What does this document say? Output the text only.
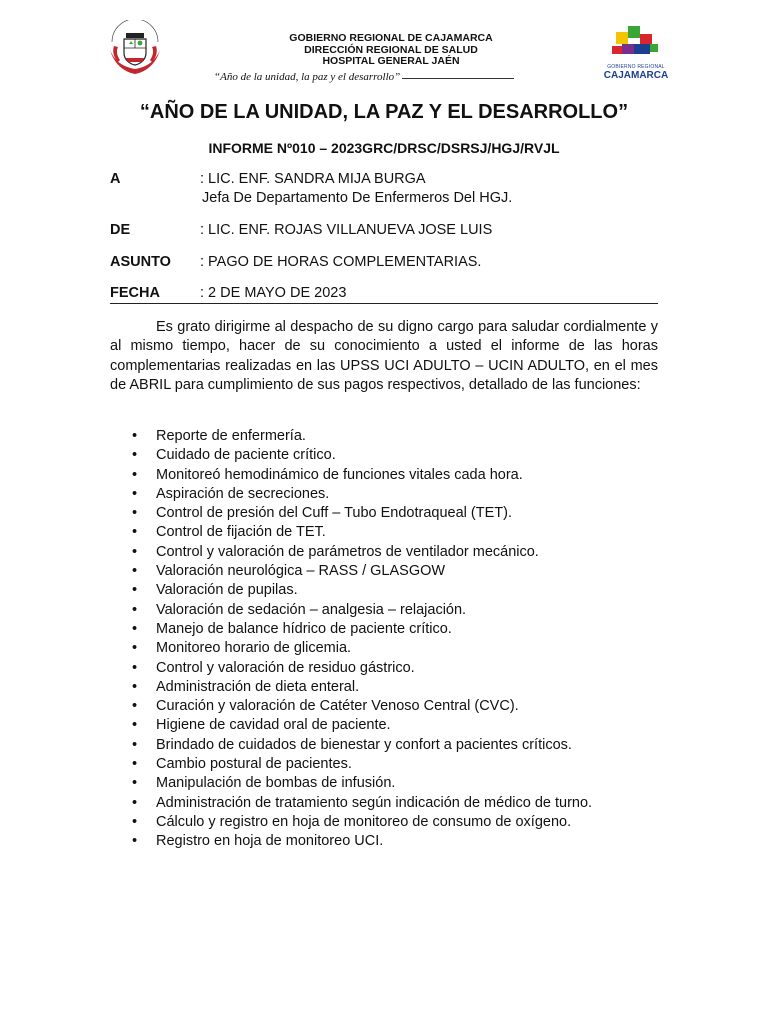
GOBIERNO REGIONAL DE CAJAMARCA
DIRECCIÓN REGIONAL DE SALUD
HOSPITAL GENERAL JAÉN
“Año de la unidad, la paz y el desarrollo”
GOBIERNO REGIONAL
CAJAMARCA
“AÑO DE LA UNIDAD, LA PAZ Y EL DESARROLLO”
INFORME Nº010 – 2023GRC/DRSC/DSRSJ/HGJ/RVJL
A	: LIC. ENF. SANDRA MIJA BURGA
Jefa De Departamento De Enfermeros Del HGJ.
DE	: LIC. ENF. ROJAS VILLANUEVA JOSE LUIS
ASUNTO : PAGO DE HORAS COMPLEMENTARIAS.
FECHA	: 2 DE MAYO DE 2023

Es grato dirigirme al despacho de su digno cargo para saludar cordialmente y al mismo tiempo, hacer de su conocimiento a usted el informe de las horas complementarias realizadas en las UPSS UCI ADULTO – UCIN ADULTO, en el mes de ABRIL para cumplimiento de sus pagos respectivos, detallado de las funciones:

• Reporte de enfermería.
• Cuidado de paciente crítico.
• Monitoreó hemodinámico de funciones vitales cada hora.
• Aspiración de secreciones.
• Control de presión del Cuff – Tubo Endotraqueal (TET).
• Control de fijación de TET.
• Control y valoración de parámetros de ventilador mecánico.
• Valoración neurológica – RASS / GLASGOW
• Valoración de pupilas.
• Valoración de sedación – analgesia – relajación.
• Manejo de balance hídrico de paciente crítico.
• Monitoreo horario de glicemia.
• Control y valoración de residuo gástrico.
• Administración de dieta enteral.
• Curación y valoración de Catéter Venoso Central (CVC).
• Higiene de cavidad oral de paciente.
• Brindado de cuidados de bienestar y confort a pacientes críticos.
• Cambio postural de pacientes.
• Manipulación de bombas de infusión.
• Administración de tratamiento según indicación de médico de turno.
• Cálculo y registro en hoja de monitoreo de consumo de oxígeno.
• Registro en hoja de monitoreo UCI.
